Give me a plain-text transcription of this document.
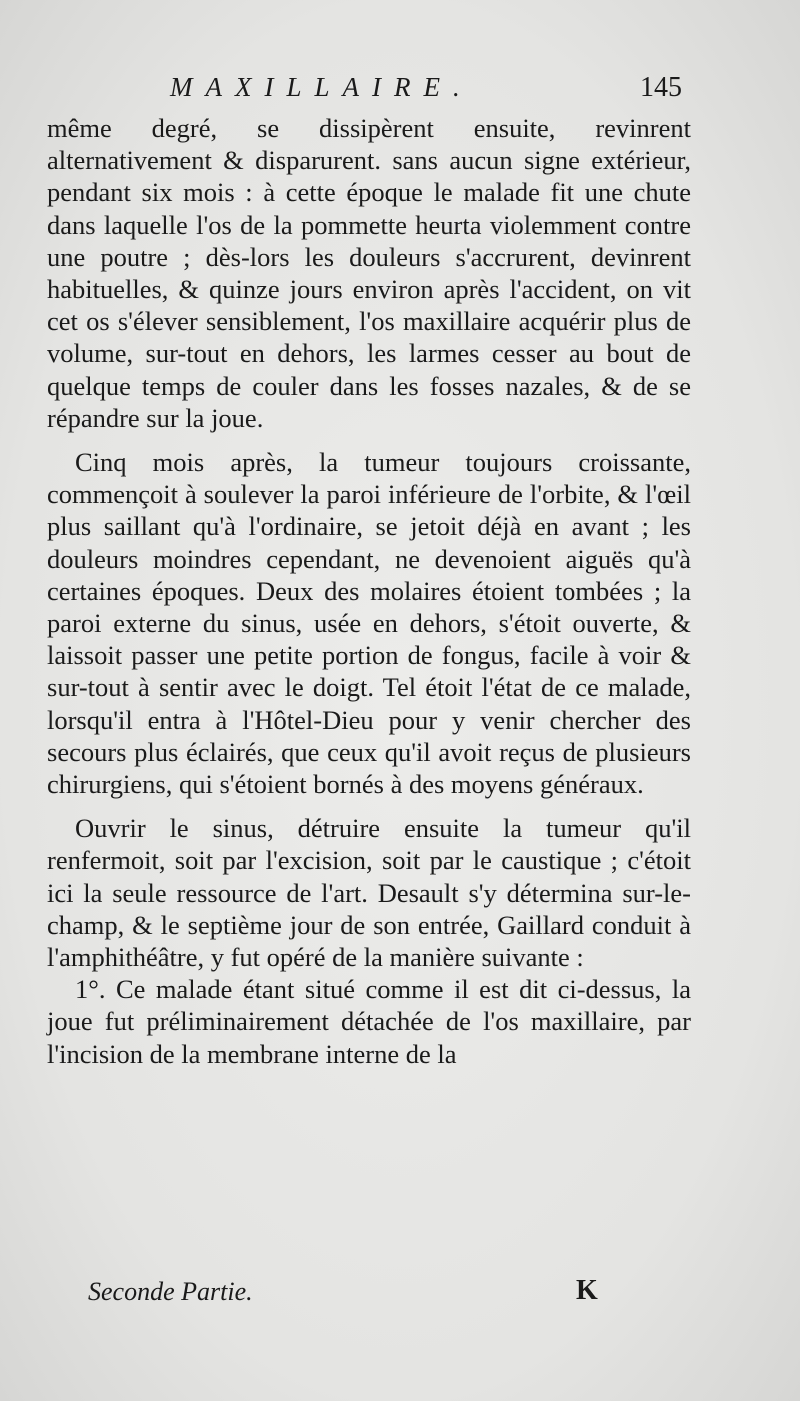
MAXILLAIRE.	145

même degré, se dissipèrent ensuite, revinrent alternativement & disparurent. sans aucun signe extérieur, pendant six mois : à cette époque le malade fit une chute dans laquelle l'os de la pommette heurta violemment contre une poutre ; dès-lors les douleurs s'accrurent, devinrent habituelles, & quinze jours environ après l'accident, on vit cet os s'élever sensiblement, l'os maxillaire acquérir plus de volume, sur-tout en dehors, les larmes cesser au bout de quelque temps de couler dans les fosses nazales, & de se répandre sur la joue.

Cinq mois après, la tumeur toujours croissante, commençoit à soulever la paroi inférieure de l'orbite, & l'œil plus saillant qu'à l'ordinaire, se jetoit déjà en avant ; les douleurs moindres cependant, ne devenoient aiguës qu'à certaines époques. Deux des molaires étoient tombées ; la paroi externe du sinus, usée en dehors, s'étoit ouverte, & laissoit passer une petite portion de fongus, facile à voir & sur-tout à sentir avec le doigt. Tel étoit l'état de ce malade, lorsqu'il entra à l'Hôtel-Dieu pour y venir chercher des secours plus éclairés, que ceux qu'il avoit reçus de plusieurs chirurgiens, qui s'étoient bornés à des moyens généraux.

Ouvrir le sinus, détruire ensuite la tumeur qu'il renfermoit, soit par l'excision, soit par le caustique ; c'étoit ici la seule ressource de l'art. Desault s'y détermina sur-le-champ, & le septième jour de son entrée, Gaillard conduit à l'amphithéâtre, y fut opéré de la manière suivante :

1°. Ce malade étant situé comme il est dit ci-dessus, la joue fut préliminairement détachée de l'os maxillaire, par l'incision de la membrane interne de la

Seconde Partie.	K
